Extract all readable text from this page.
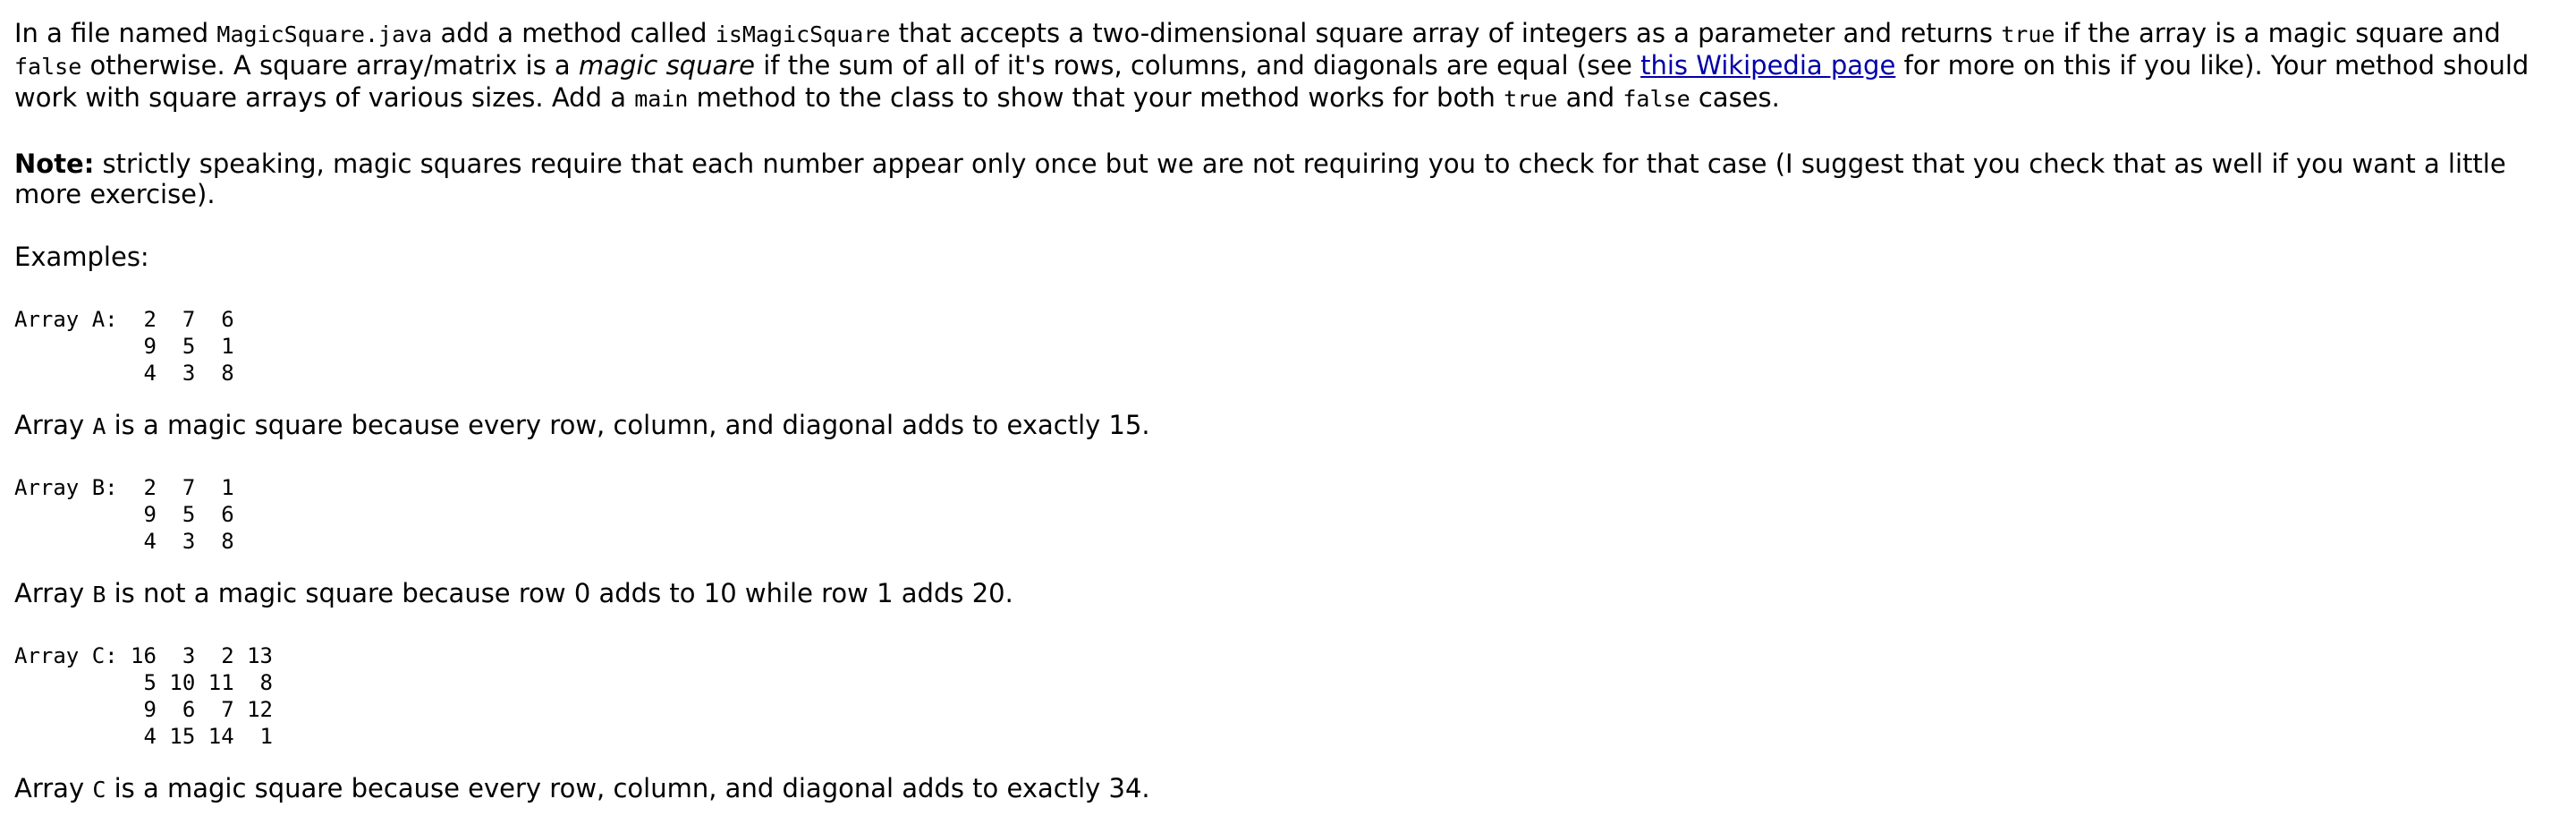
In a file named MagicSquare.java add a method called isMagicSquare that accepts a two-dimensional square array of integers as a parameter and returns true if the array is a magic square and false otherwise. A square array/matrix is a magic square if the sum of all of it's rows, columns, and diagonals are equal (see this Wikipedia page for more on this if you like). Your method should work with square arrays of various sizes. Add a main method to the class to show that your method works for both true and false cases.

Note: strictly speaking, magic squares require that each number appear only once but we are not requiring you to check for that case (I suggest that you check that as well if you want a little more exercise).

Examples:

Array A:  2  7  6
9  5  1
4  3  8

Array A is a magic square because every row, column, and diagonal adds to exactly 15.

Array B:  2  7  1
9  5  6
4  3  8

Array B is not a magic square because row 0 adds to 10 while row 1 adds 20.

Array C: 16  3  2 13
5 10 11  8
9  6  7 12
4 15 14  1

Array C is a magic square because every row, column, and diagonal adds to exactly 34.
